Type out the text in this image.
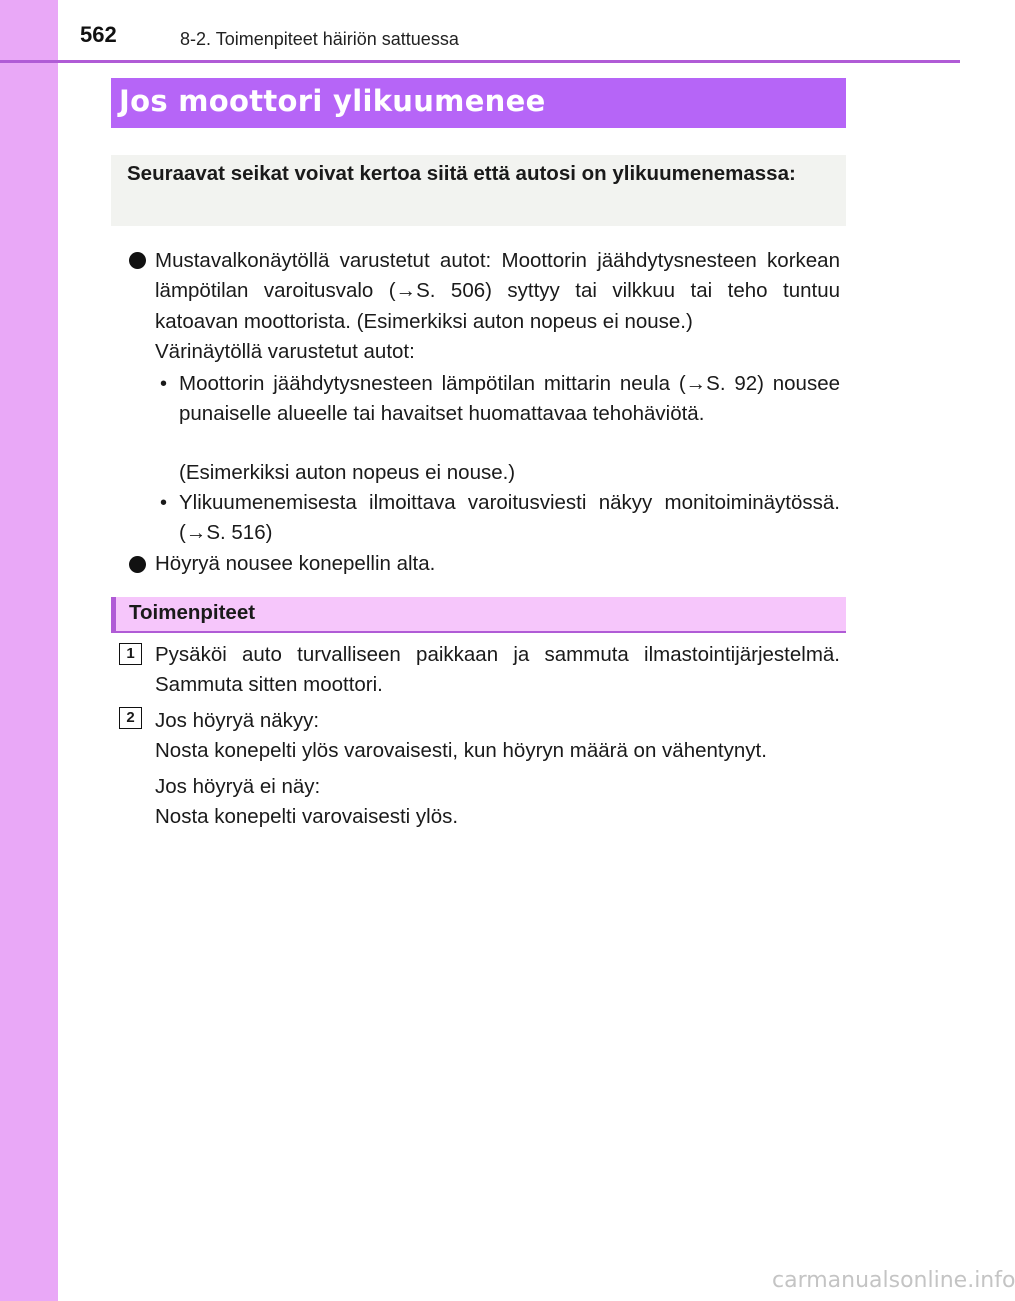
562	8-2. Toimenpiteet häiriön sattuessa
Jos moottori ylikuumenee

Seuraavat seikat voivat kertoa siitä että autosi on ylikuumenemassa:

Mustavalkonäytöllä varustetut autot: Moottorin jäähdytysnesteen korkean lämpötilan varoitusvalo (→S. 506) syttyy tai vilkkuu tai teho tuntuu katoavan moottorista. (Esimerkiksi auton nopeus ei nouse.)
Värinäytöllä varustetut autot:
• Moottorin jäähdytysnesteen lämpötilan mittarin neula (→S. 92) nousee punaiselle alueelle tai havaitset huomattavaa tehohäviötä.
(Esimerkiksi auton nopeus ei nouse.)
• Ylikuumenemisesta ilmoittava varoitusviesti näkyy monitoiminäytössä. (→S. 516)
Höyryä nousee konepellin alta.
Toimenpiteet
1 Pysäköi auto turvalliseen paikkaan ja sammuta ilmastointijärjestelmä. Sammuta sitten moottori.
2 Jos höyryä näkyy:
Nosta konepelti ylös varovaisesti, kun höyryn määrä on vähentynyt.
Jos höyryä ei näy:
Nosta konepelti varovaisesti ylös.
carmanualsonline.info
